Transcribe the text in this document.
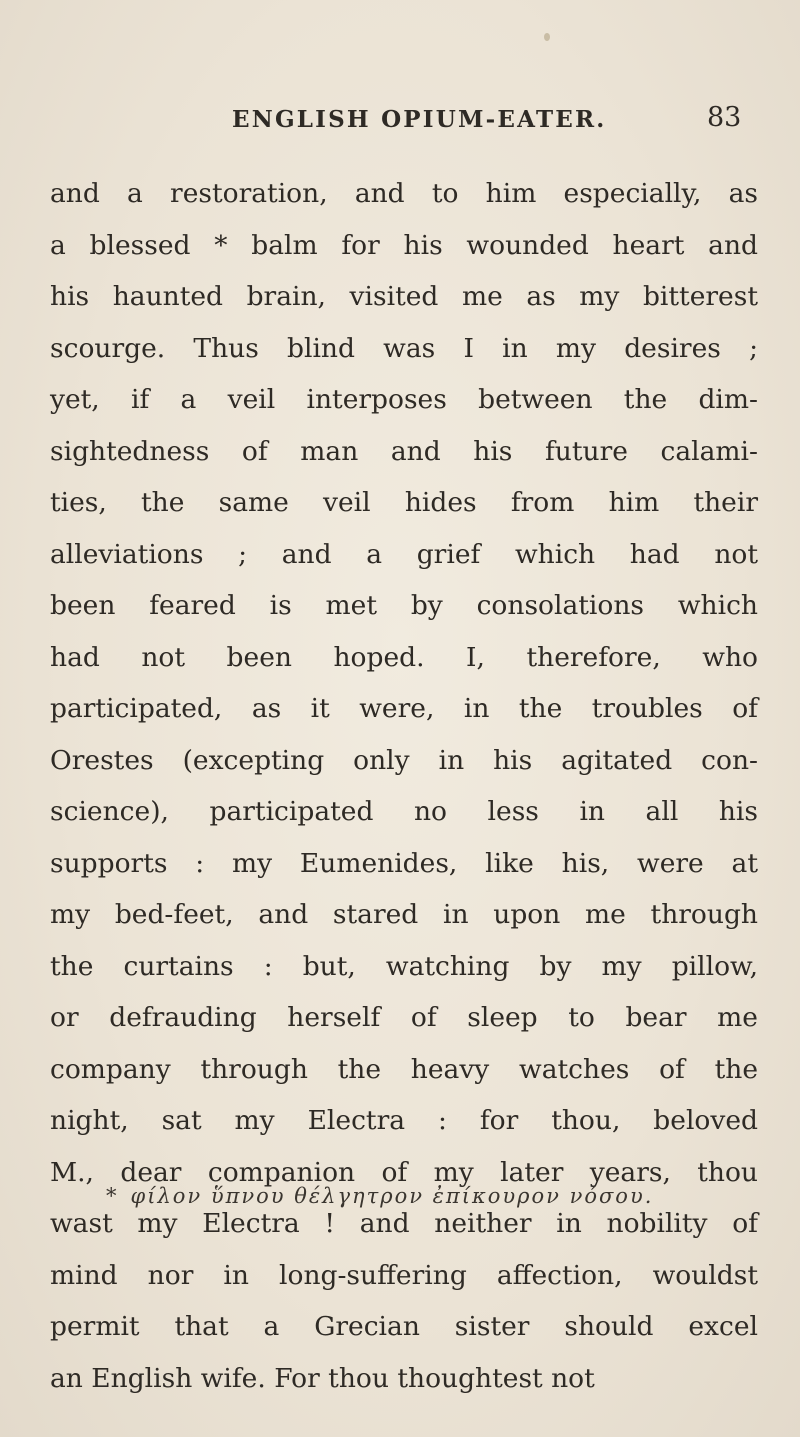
ENGLISH OPIUM-EATER.	83
and a restoration, and to him especially, as
a blessed * balm for his wounded heart and
his haunted brain, visited me as my bitterest
scourge. Thus blind was I in my desires ;
yet, if a veil interposes between the dim-
sightedness of man and his future calami-
ties, the same veil hides from him their
alleviations ; and a grief which had not
been feared is met by consolations which
had not been hoped. I, therefore, who
participated, as it were, in the troubles of
Orestes (excepting only in his agitated con-
science), participated no less in all his
supports : my Eumenides, like his, were at
my bed-feet, and stared in upon me through
the curtains : but, watching by my pillow,
or defrauding herself of sleep to bear me
company through the heavy watches of the
night, sat my Electra : for thou, beloved
M., dear companion of my later years, thou
wast my Electra ! and neither in nobility of
mind nor in long-suffering affection, wouldst
permit that a Grecian sister should excel
an English wife. For thou thoughtest not
* φίλον ὕπνου θέλγητρον ἐπίκουρον νόσου.
